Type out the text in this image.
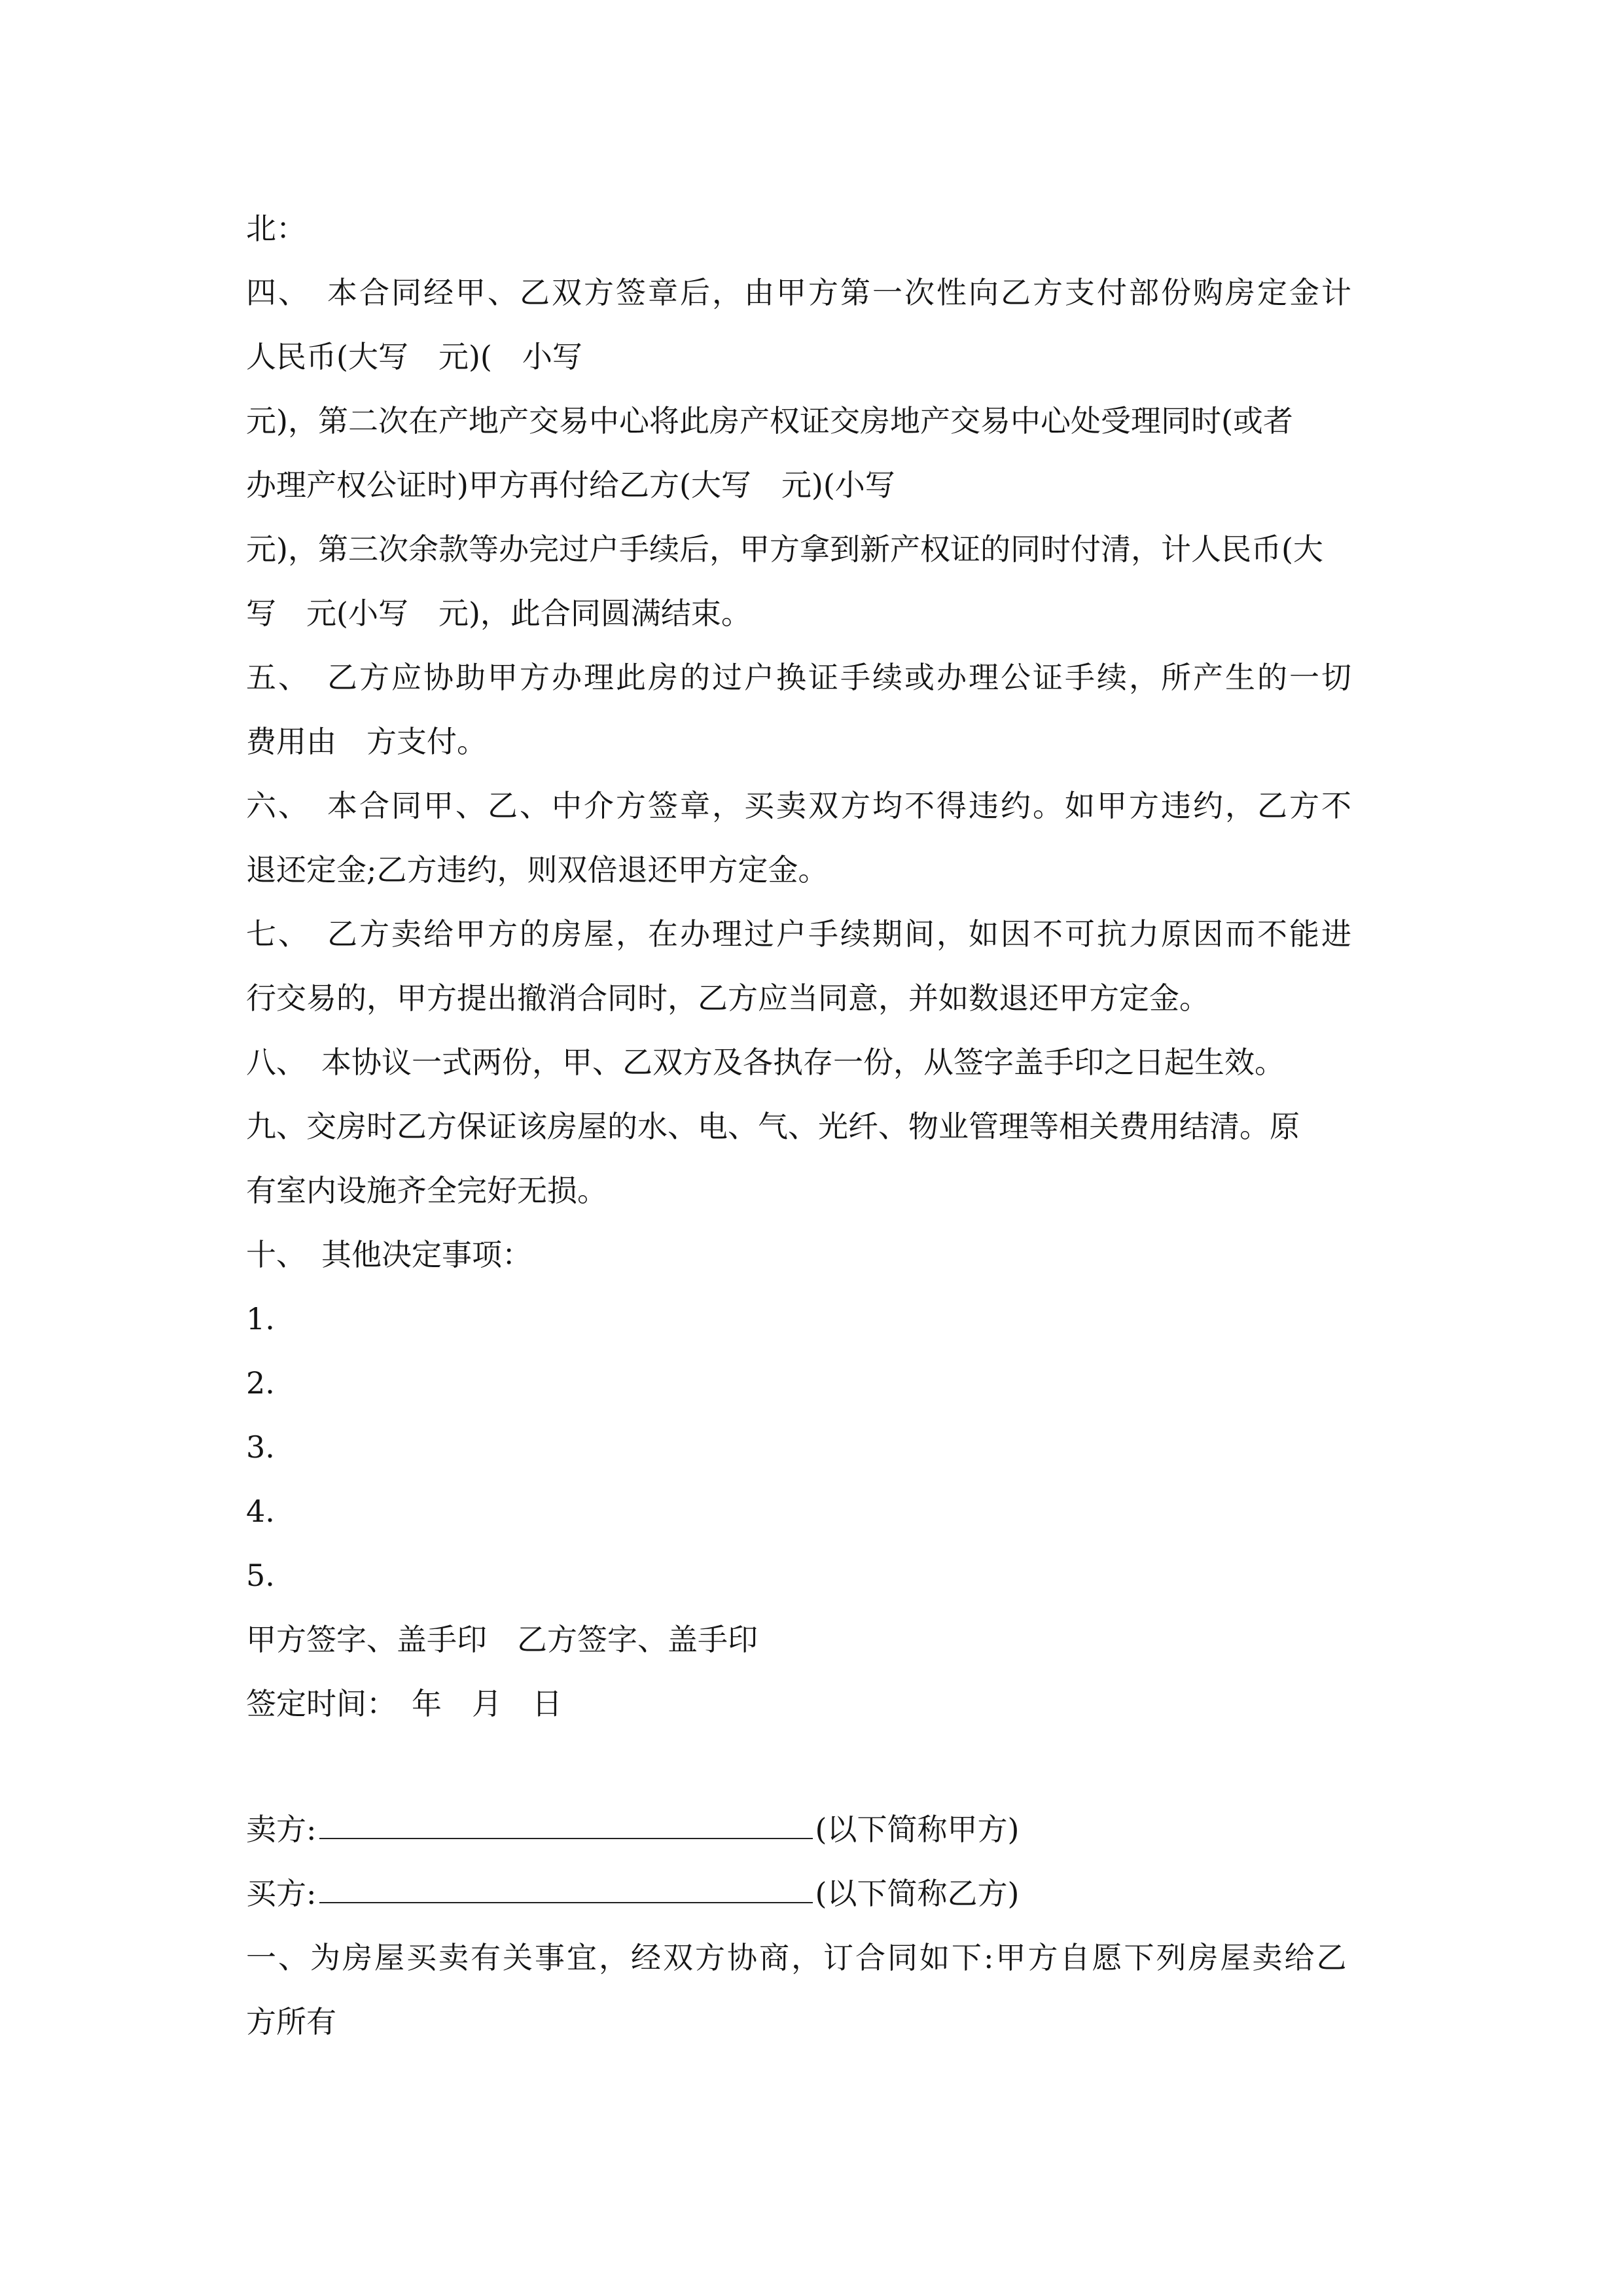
北：
四、　本合同经甲、乙双方签章后，由甲方第一次性向乙方支付部份购房定金计
人民币(大写　元)(　小写
元)，第二次在产地产交易中心将此房产权证交房地产交易中心处受理同时(或者
办理产权公证时)甲方再付给乙方(大写　元)(小写
元)，第三次余款等办完过户手续后，甲方拿到新产权证的同时付清，计人民币(大
写　元(小写　元)，此合同圆满结束。
五、　乙方应协助甲方办理此房的过户换证手续或办理公证手续，所产生的一切
费用由　方支付。
六、　本合同甲、乙、中介方签章，买卖双方均不得违约。如甲方违约，乙方不
退还定金;乙方违约，则双倍退还甲方定金。
七、　乙方卖给甲方的房屋，在办理过户手续期间，如因不可抗力原因而不能进
行交易的，甲方提出撤消合同时，乙方应当同意，并如数退还甲方定金。
八、　本协议一式两份，甲、乙双方及各执存一份，从签字盖手印之日起生效。
九、交房时乙方保证该房屋的水、电、气、光纤、物业管理等相关费用结清。原
有室内设施齐全完好无损。
十、　其他决定事项：
1.
2.
3.
4.
5.
甲方签字、盖手印　乙方签字、盖手印
签定时间：　年　月　日
卖方:	(以下简称甲方)
买方:	(以下简称乙方)
一、为房屋买卖有关事宜，经双方协商，订合同如下:甲方自愿下列房屋卖给乙
方所有
